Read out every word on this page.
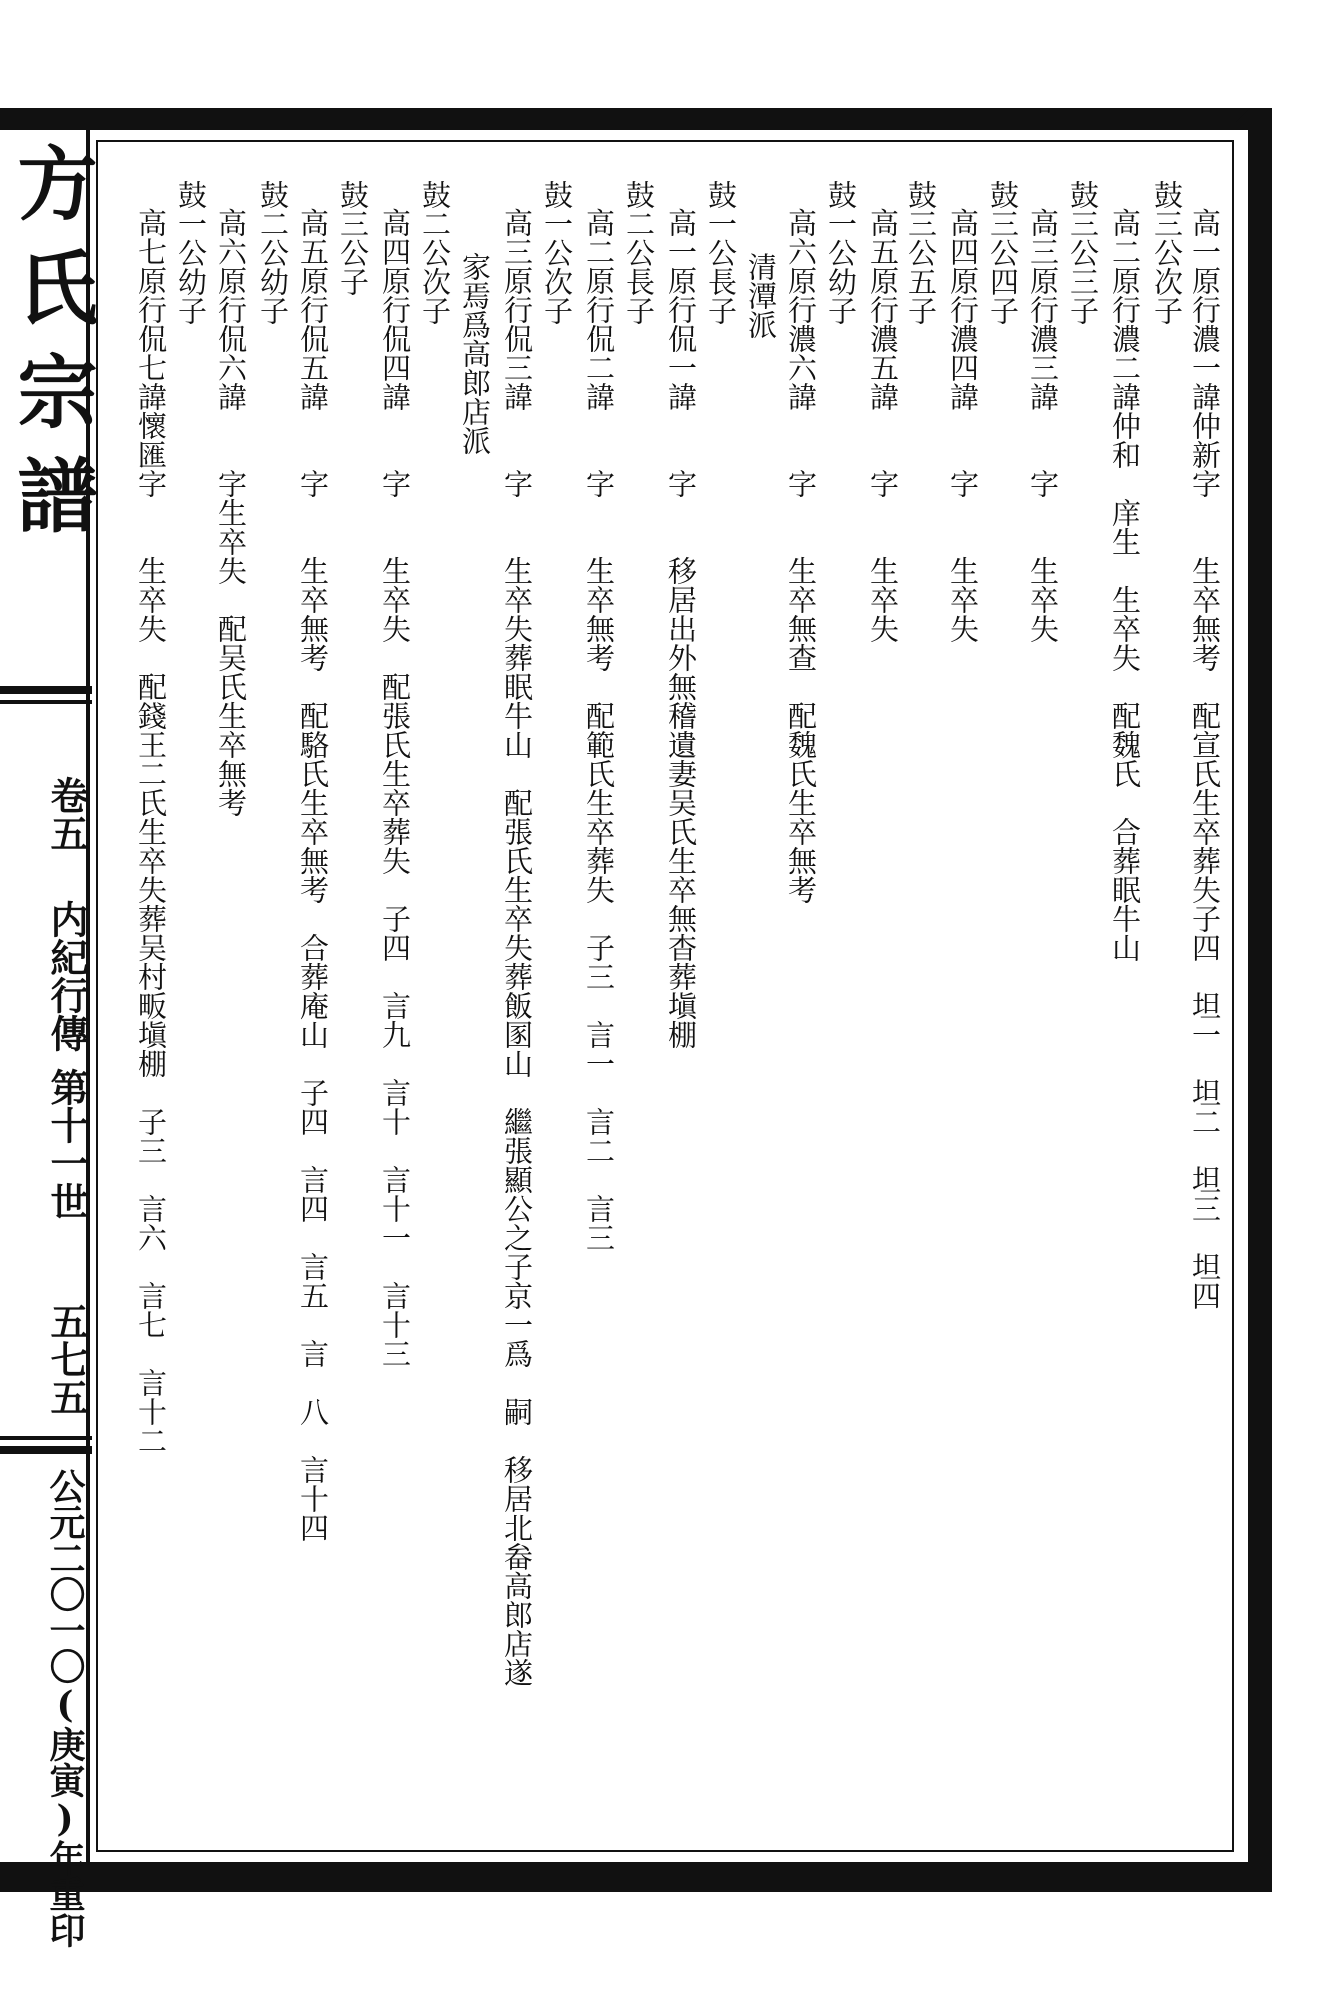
方氏宗譜
卷五
内紀行傳
第十一世
五七五
公元二〇一〇(庚寅)年重印
高一原行濃一諱仲新字　　生卒無考　配宣氏生卒葬失子四　坦一　坦二　坦三　坦四
鼓三公次子
高二原行濃二諱仲和　庠生　生卒失　配魏氏　合葬眠牛山
鼓三公三子
高三原行濃三諱　　字　　生卒失
鼓三公四子
高四原行濃四諱　　字　　生卒失
鼓三公五子
高五原行濃五諱　　字　　生卒失
鼓一公幼子
高六原行濃六諱　　字　　生卒無查　配魏氏生卒無考
清潭派
鼓一公長子
高一原行侃一諱　　字　　移居出外無稽遺妻吴氏生卒無杳葬塡棚
鼓二公長子
高二原行侃二諱　　字　　生卒無考　配範氏生卒葬失　子三　言一　言二　言三
鼓一公次子
高三原行侃三諱　　字　　生卒失葬眠牛山　配張氏生卒失葬飯圂山　繼張顯公之子京一爲　嗣　移居北畚高郎店遂
家焉爲高郎店派
鼓二公次子
高四原行侃四諱　　字　　生卒失　配張氏生卒葬失　子四　言九　言十　言十一　言十三
鼓三公子
高五原行侃五諱　　字　　生卒無考　配駱氏生卒無考　合葬庵山　子四　言四　言五　言　八　言十四
鼓二公幼子
高六原行侃六諱　　字生卒失　配吴氏生卒無考
鼓一公幼子
高七原行侃七諱懷匯字　　生卒失　配錢王二氏生卒失葬吴村畈塡棚　子三　言六　言七　言十二
